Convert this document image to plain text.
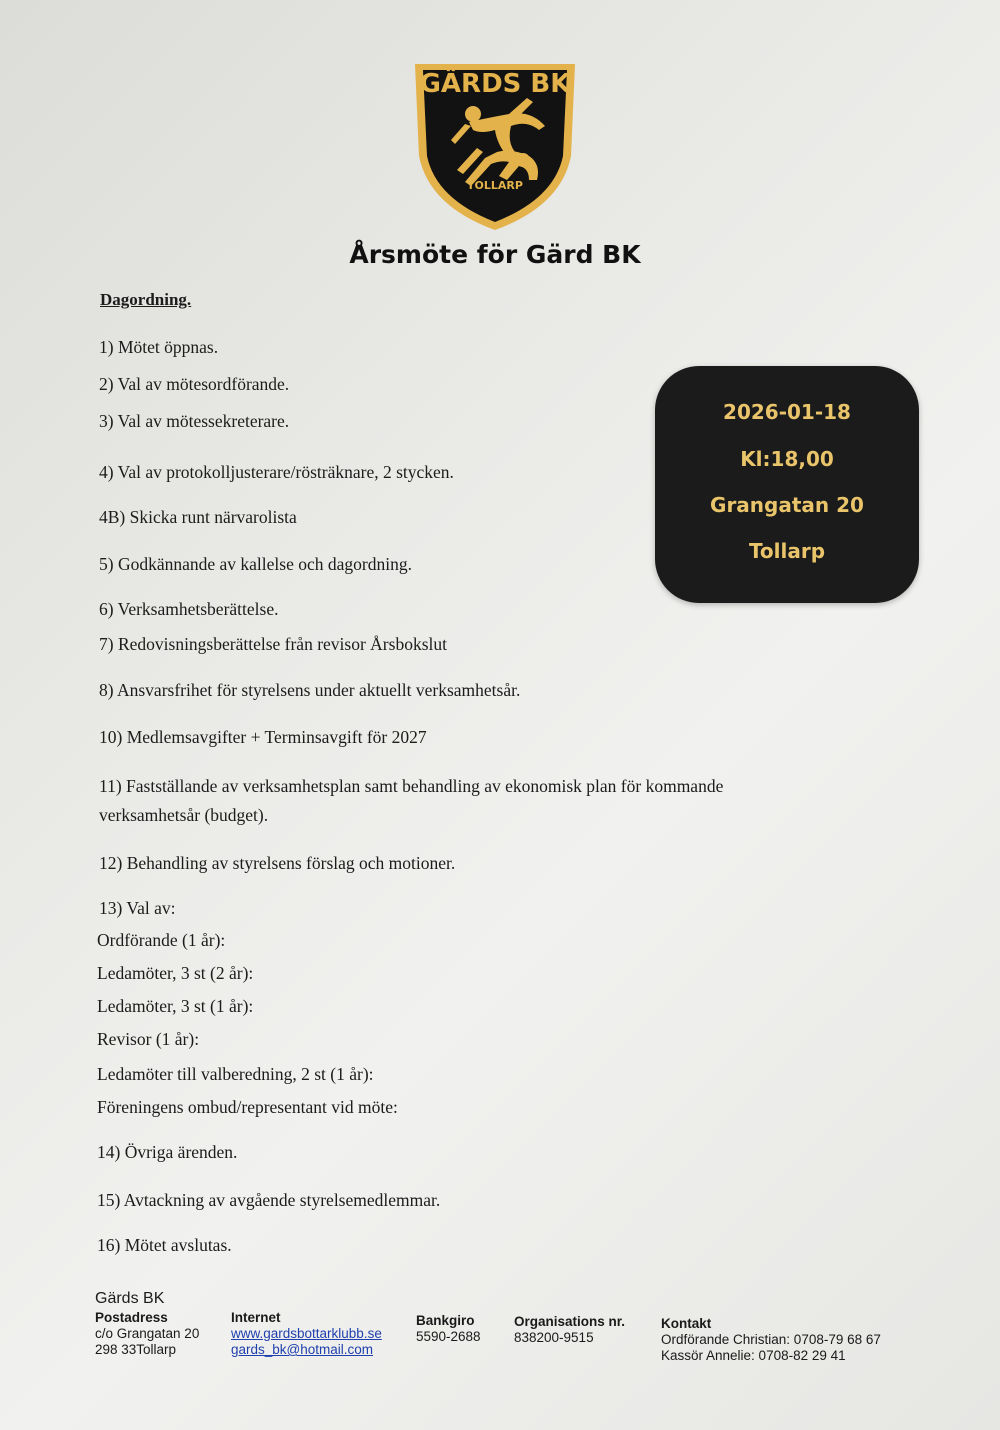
GÄRDS BK
TOLLARP
Årsmöte för Gärd BK
Dagordning.
1) Mötet öppnas.
2) Val av mötesordförande.
3) Val av mötessekreterare.
4) Val av protokolljusterare/rösträknare, 2 stycken.
4B) Skicka runt närvarolista
5) Godkännande av kallelse och dagordning.
6) Verksamhetsberättelse.
7) Redovisningsberättelse från revisor Årsbokslut
8) Ansvarsfrihet för styrelsens under aktuellt verksamhetsår.
10) Medlemsavgifter + Terminsavgift för 2027
11) Fastställande av verksamhetsplan samt behandling av ekonomisk plan för kommande
verksamhetsår (budget).
12) Behandling av styrelsens förslag och motioner.
13) Val av:
Ordförande (1 år):
Ledamöter, 3 st (2 år):
Ledamöter, 3 st (1 år):
Revisor (1 år):
Ledamöter till valberedning, 2 st (1 år):
Föreningens ombud/representant vid möte:
14) Övriga ärenden.
15) Avtackning av avgående styrelsemedlemmar.
16) Mötet avslutas.
2026-01-18
Kl:18,00
Grangatan 20
Tollarp
Gärds BK
Postadress
c/o Grangatan 20
298 33Tollarp
Internet
www.gardsbottarklubb.se
gards_bk@hotmail.com
Bankgiro
5590-2688
Organisations nr.
838200-9515
Kontakt
Ordförande Christian: 0708-79 68 67
Kassör Annelie: 0708-82 29 41
